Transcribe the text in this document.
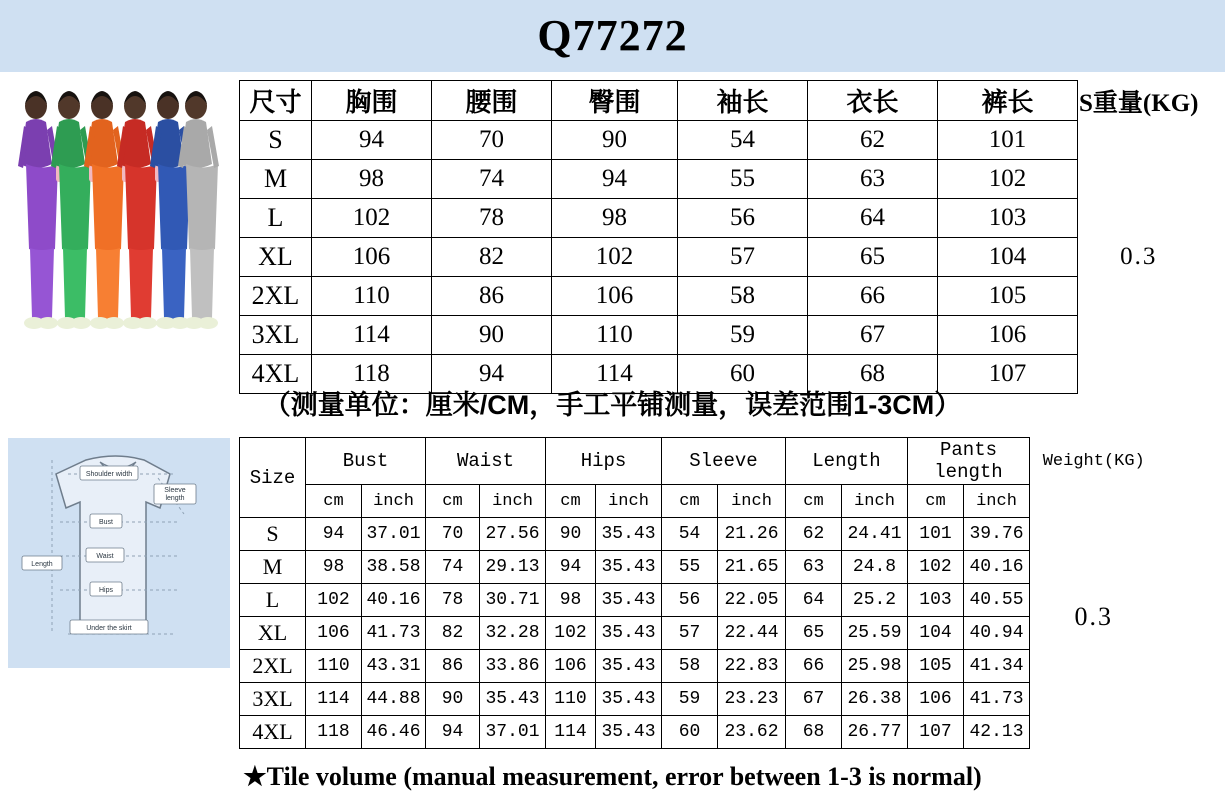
Q77272
尺寸	胸围	腰围	臀围	袖长	衣长	裤长	S重量(KG)
S	94	70	90	54	62	101	0.3
M	98	74	94	55	63	102	
L	102	78	98	56	64	103	
XL	106	82	102	57	65	104	
2XL	110	86	106	58	66	105	
3XL	114	90	110	59	67	106	
4XL	118	94	114	60	68	107	
（测量单位：厘米/CM，手工平铺测量，误差范围1-3CM）
Shoulder width
Sleeve
length
Bust
Waist
Hips
Length
Under the skirt
Size	Bust		Waist		Hips		Sleeve		Length		Pants length		Weight(KG)
	cm	inch	cm	inch	cm	inch	cm	inch	cm	inch	cm	inch	0.3
S	94	37.01	70	27.56	90	35.43	54	21.26	62	24.41	101	39.76	
M	98	38.58	74	29.13	94	35.43	55	21.65	63	24.8	102	40.16	
L	102	40.16	78	30.71	98	35.43	56	22.05	64	25.2	103	40.55	
XL	106	41.73	82	32.28	102	35.43	57	22.44	65	25.59	104	40.94	
2XL	110	43.31	86	33.86	106	35.43	58	22.83	66	25.98	105	41.34	
3XL	114	44.88	90	35.43	110	35.43	59	23.23	67	26.38	106	41.73	
4XL	118	46.46	94	37.01	114	35.43	60	23.62	68	26.77	107	42.13	
★Tile volume (manual measurement, error between 1-3 is normal)
